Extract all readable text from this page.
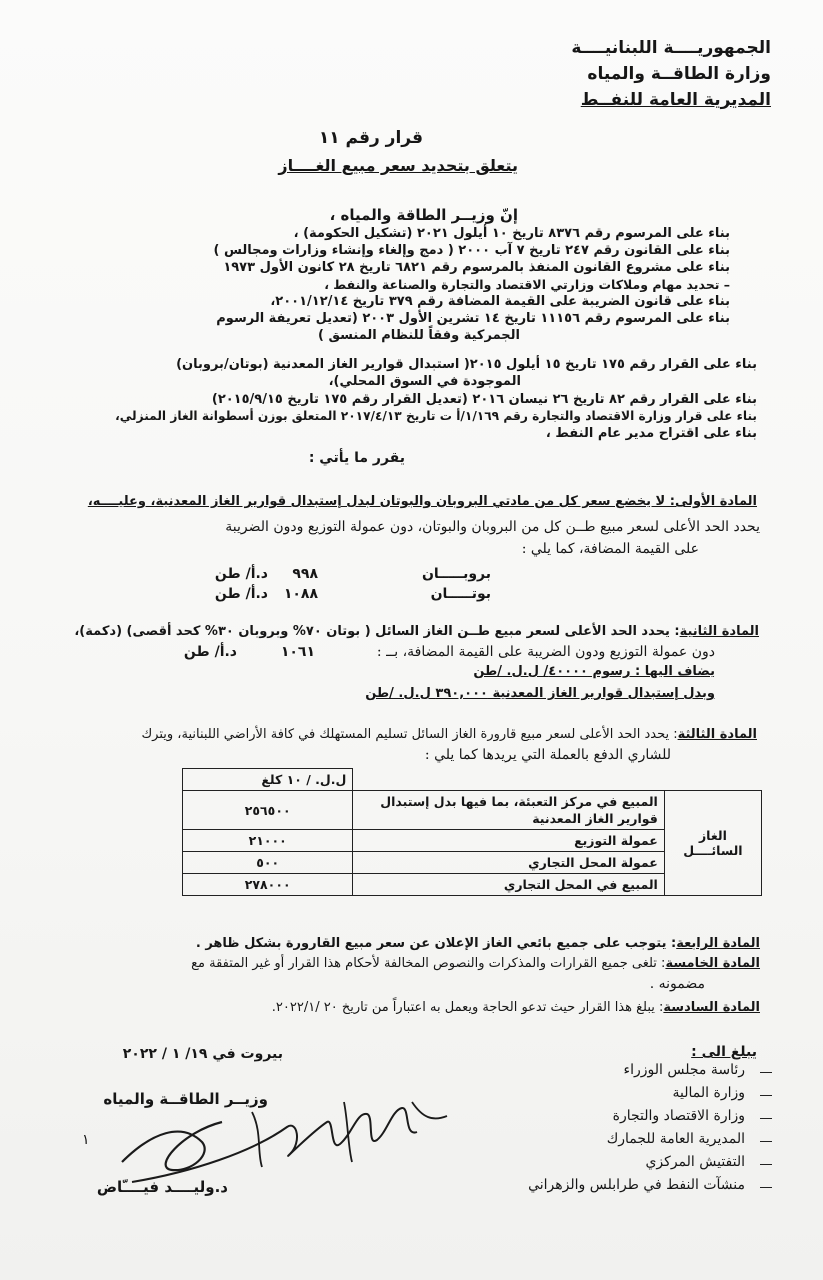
الجمهوريــــة اللبنانيــــة
وزارة الطاقــة والمياه
المديرية العامة للنفــط
قرار رقم ١١
يتعلق بتحديد سعر مبيع الغــــاز
إنّ وزيــر الطاقة والمياه ،
بناء على المرسوم رقم ٨٣٧٦ تاريخ ١٠ أيلول ٢٠٢١ (تشكيل الحكومة) ،
بناء على القانون رقم ٢٤٧ تاريخ ٧ آب ٢٠٠٠ ( دمج وإلغاء وإنشاء وزارات ومجالس )
بناء على مشروع القانون المنفذ بالمرسوم رقم ٦٨٢١ تاريخ ٢٨ كانون الأول ١٩٧٣
– تحديد مهام وملاكات وزارتي الاقتصاد والتجارة والصناعة والنفط ،
بناء على قانون الضريبة على القيمة المضافة رقم ٣٧٩ تاريخ ٢٠٠١/١٢/١٤،
بناء على المرسوم رقم ١١١٥٦ تاريخ ١٤ تشرين الأول ٢٠٠٣ (تعديل تعريفة الرسوم
الجمركية وفقاً للنظام المنسق )
بناء على القرار رقم ١٧٥ تاريخ ١٥ أيلول ٢٠١٥( استبدال قوارير الغاز المعدنية (بوتان/بروبان)
الموجودة في السوق المحلي)،
بناء على القرار رقم ٨٢ تاريخ ٢٦ نيسان ٢٠١٦ (تعديل القرار رقم ١٧٥ تاريخ ٢٠١٥/٩/١٥)
بناء على قرار وزارة الاقتصاد والتجارة رقم ١/١٦٩/أ ت تاريخ ٢٠١٧/٤/١٣ المتعلق بوزن أسطوانة الغاز المنزلي،
بناء على اقتراح مدير عام النفط ،
يقرر ما يأتي :
المادة الأولى: لا يخضع سعر كل من مادتي البروبان والبوتان لبدل إستبدال قوارير الغاز المعدنية، وعليــــه،
يحدد الحد الأعلى لسعر مبيع طــن كل من البروبان والبوتان، دون عمولة التوزيع ودون الضريبة
على القيمة المضافة، كما يلي :
بروبـــــان
٩٩٨
د.أ/ طن
بوتـــــان
١٠٨٨
د.أ/ طن
المادة الثانية: يحدد الحد الأعلى لسعر مبيع طــن الغاز السائل ( بوتان ٧٠% وبروبان ٣٠% كحد أقصى) (دكمة)،
دون عمولة التوزيع ودون الضريبة على القيمة المضافة، بــ :
١٠٦١
د.أ/ طن
يضاف اليها : رسوم ٤٠٠٠٠/ ل.ل. /طن
وبدل إستبدال قوارير الغاز المعدنية ٣٩٠,٠٠٠ ل.ل. /طن
المادة الثالثة: يحدد الحد الأعلى لسعر مبيع قارورة الغاز السائل تسليم المستهلك في كافة الأراضي اللبنانية، ويترك
للشاري الدفع بالعملة التي يريدها كما يلي :
		ل.ل. / ١٠ كلغ
الغاز السائــــل	المبيع في مركز التعبئة، بما فيها بدل إستبدال قوارير الغاز المعدنية	٢٥٦٥٠٠
	عمولة التوزيع	٢١٠٠٠
	عمولة المحل التجاري	٥٠٠
	المبيع في المحل التجاري	٢٧٨٠٠٠
المادة الرابعة: يتوجب على جميع بائعي الغاز الإعلان عن سعر مبيع القارورة بشكل ظاهر .
المادة الخامسة: تلغى جميع القرارات والمذكرات والنصوص المخالفة لأحكام هذا القرار أو غير المتفقة مع
مضمونه .
المادة السادسة: يبلغ هذا القرار حيث تدعو الحاجة ويعمل به اعتباراً من تاريخ ٢٠ /٢٠٢٢/١.
بيروت في ١٩/ ١ / ٢٠٢٢
وزيــر الطاقــة والمياه
١
د.وليــــد فيــــّاض
يبلغ الى :
رئاسة مجلس الوزراء
وزارة المالية
وزارة الاقتصاد والتجارة
المديرية العامة للجمارك
التفتيش المركزي
منشآت النفط في طرابلس والزهراني
